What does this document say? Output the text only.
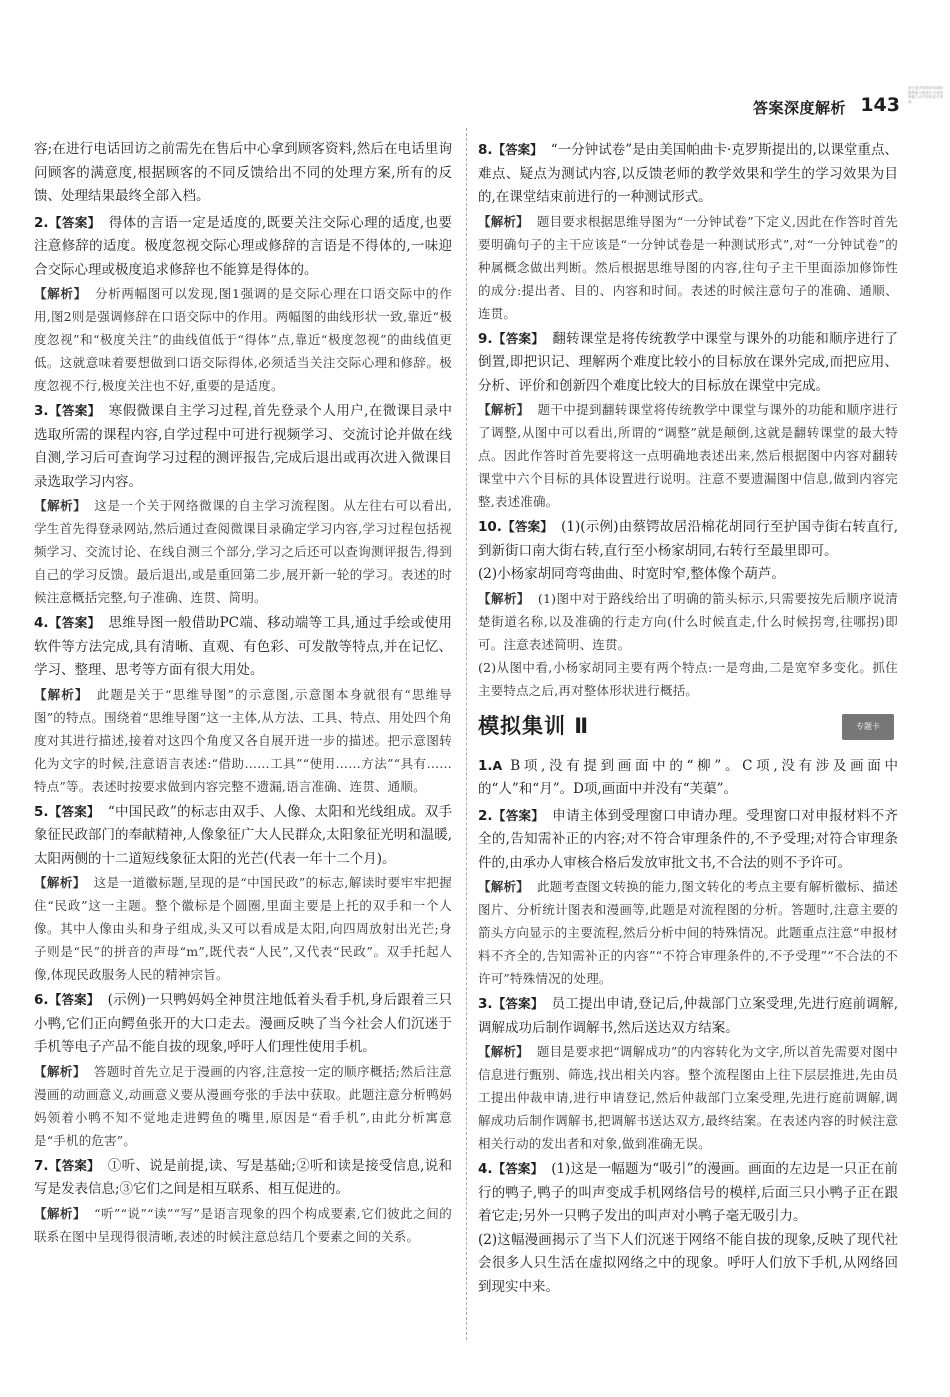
答案深度解析 143
进行更多的知识检测和题型练习提高学习成绩和能力水平获取更多资源
容;在进行电话回访之前需先在售后中心拿到顾客资料,然后在电话里询问顾客的满意度,根据顾客的不同反馈给出不同的处理方案,所有的反馈、处理结果最终全部入档。
2.【答案】 得体的言语一定是适度的,既要关注交际心理的适度,也要注意修辞的适度。极度忽视交际心理或修辞的言语是不得体的,一味迎合交际心理或极度追求修辞也不能算是得体的。
【解析】 分析两幅图可以发现,图1强调的是交际心理在口语交际中的作用,图2则是强调修辞在口语交际中的作用。两幅图的曲线形状一致,靠近“极度忽视”和“极度关注”的曲线值低于“得体”点,靠近“极度忽视”的曲线值更低。这就意味着要想做到口语交际得体,必须适当关注交际心理和修辞。极度忽视不行,极度关注也不好,重要的是适度。
3.【答案】 寒假微课自主学习过程,首先登录个人用户,在微课目录中选取所需的课程内容,自学过程中可进行视频学习、交流讨论并做在线自测,学习后可查询学习过程的测评报告,完成后退出或再次进入微课目录选取学习内容。
【解析】 这是一个关于网络微课的自主学习流程图。从左往右可以看出,学生首先得登录网站,然后通过查阅微课目录确定学习内容,学习过程包括视频学习、交流讨论、在线自测三个部分,学习之后还可以查询测评报告,得到自己的学习反馈。最后退出,或是重回第二步,展开新一轮的学习。表述的时候注意概括完整,句子准确、连贯、简明。
4.【答案】 思维导图一般借助PC端、移动端等工具,通过手绘或使用软件等方法完成,具有清晰、直观、有色彩、可发散等特点,并在记忆、学习、整理、思考等方面有很大用处。
【解析】 此题是关于“思维导图”的示意图,示意图本身就很有“思维导图”的特点。围绕着“思维导图”这一主体,从方法、工具、特点、用处四个角度对其进行描述,接着对这四个角度又各自展开进一步的描述。把示意图转化为文字的时候,注意语言表述:“借助……工具”“使用……方法”“具有……特点”等。表述时按要求做到内容完整不遗漏,语言准确、连贯、通顺。
5.【答案】 “中国民政”的标志由双手、人像、太阳和光线组成。双手象征民政部门的奉献精神,人像象征广大人民群众,太阳象征光明和温暖,太阳两侧的十二道短线象征太阳的光芒(代表一年十二个月)。
【解析】 这是一道徽标题,呈现的是“中国民政”的标志,解读时要牢牢把握住“民政”这一主题。整个徽标是个圆圈,里面主要是上托的双手和一个人像。其中人像由头和身子组成,头又可以看成是太阳,向四周放射出光芒;身子则是“民”的拼音的声母“m”,既代表“人民”,又代表“民政”。双手托起人像,体现民政服务人民的精神宗旨。
6.【答案】 (示例)一只鸭妈妈全神贯注地低着头看手机,身后跟着三只小鸭,它们正向鳄鱼张开的大口走去。漫画反映了当今社会人们沉迷于手机等电子产品不能自拔的现象,呼吁人们理性使用手机。
【解析】 答题时首先立足于漫画的内容,注意按一定的顺序概括;然后注意漫画的动画意义,动画意义要从漫画夸张的手法中获取。此题注意分析鸭妈妈领着小鸭不知不觉地走进鳄鱼的嘴里,原因是“看手机”,由此分析寓意是“手机的危害”。
7.【答案】 ①听、说是前提,读、写是基础;②听和读是接受信息,说和写是发表信息;③它们之间是相互联系、相互促进的。
【解析】 “听”“说”“读”“写”是语言现象的四个构成要素,它们彼此之间的联系在图中呈现得很清晰,表述的时候注意总结几个要素之间的关系。
8.【答案】 “一分钟试卷”是由美国帕曲卡·克罗斯提出的,以课堂重点、难点、疑点为测试内容,以反馈老师的教学效果和学生的学习效果为目的,在课堂结束前进行的一种测试形式。
【解析】 题目要求根据思维导图为“一分钟试卷”下定义,因此在作答时首先要明确句子的主干应该是“一分钟试卷是一种测试形式”,对“一分钟试卷”的种属概念做出判断。然后根据思维导图的内容,往句子主干里面添加修饰性的成分:提出者、目的、内容和时间。表述的时候注意句子的准确、通顺、连贯。
9.【答案】 翻转课堂是将传统教学中课堂与课外的功能和顺序进行了倒置,即把识记、理解两个难度比较小的目标放在课外完成,而把应用、分析、评价和创新四个难度比较大的目标放在课堂中完成。
【解析】 题干中提到翻转课堂将传统教学中课堂与课外的功能和顺序进行了调整,从图中可以看出,所谓的“调整”就是颠倒,这就是翻转课堂的最大特点。因此作答时首先要将这一点明确地表述出来,然后根据图中内容对翻转课堂中六个目标的具体设置进行说明。注意不要遗漏图中信息,做到内容完整,表述准确。
10.【答案】 (1)(示例)由蔡锷故居沿棉花胡同行至护国寺街右转直行,到新街口南大街右转,直行至小杨家胡同,右转行至最里即可。
(2)小杨家胡同弯弯曲曲、时宽时窄,整体像个葫芦。
【解析】 (1)图中对于路线给出了明确的箭头标示,只需要按先后顺序说清楚街道名称,以及准确的行走方向(什么时候直走,什么时候拐弯,往哪拐)即可。注意表述简明、连贯。
(2)从图中看,小杨家胡同主要有两个特点:一是弯曲,二是宽窄多变化。抓住主要特点之后,再对整体形状进行概括。
模拟集训 Ⅱ	专题卡
1.A B项,没有提到画面中的“柳”。C项,没有涉及画面中的“人”和“月”。D项,画面中并没有“芙蕖”。
2.【答案】 申请主体到受理窗口申请办理。受理窗口对申报材料不齐全的,告知需补正的内容;对不符合审理条件的,不予受理;对符合审理条件的,由承办人审核合格后发放审批文书,不合法的则不予许可。
【解析】 此题考查图文转换的能力,图文转化的考点主要有解析徽标、描述图片、分析统计图表和漫画等,此题是对流程图的分析。答题时,注意主要的箭头方向显示的主要流程,然后分析中间的特殊情况。此题重点注意“申报材料不齐全的,告知需补正的内容”“不符合审理条件的,不予受理”“不合法的不许可”特殊情况的处理。
3.【答案】 员工提出申请,登记后,仲裁部门立案受理,先进行庭前调解,调解成功后制作调解书,然后送达双方结案。
【解析】 题目是要求把“调解成功”的内容转化为文字,所以首先需要对图中信息进行甄别、筛选,找出相关内容。整个流程图由上往下层层推进,先由员工提出仲裁申请,进行申请登记,然后仲裁部门立案受理,先进行庭前调解,调解成功后制作调解书,把调解书送达双方,最终结案。在表述内容的时候注意相关行动的发出者和对象,做到准确无误。
4.【答案】 (1)这是一幅题为“吸引”的漫画。画面的左边是一只正在前行的鸭子,鸭子的叫声变成手机网络信号的模样,后面三只小鸭子正在跟着它走;另外一只鸭子发出的叫声对小鸭子毫无吸引力。
(2)这幅漫画揭示了当下人们沉迷于网络不能自拔的现象,反映了现代社会很多人只生活在虚拟网络之中的现象。呼吁人们放下手机,从网络回到现实中来。
